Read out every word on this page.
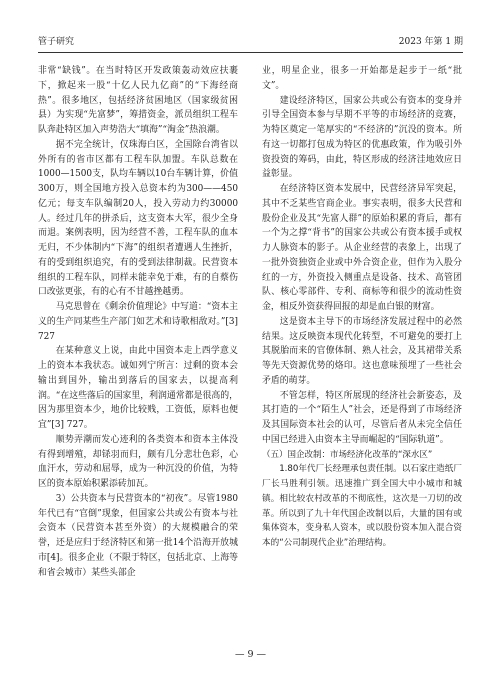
管子研究	2023 年第 1 期

非常“缺钱”。在当时特区开发政策轰动效应扶裹下，掀起来一股“十亿人民九亿商”的“下海经商热”。很多地区，包括经济贫困地区（国家级贫困县）为实现“先富梦”，筹措资金，派员组织工程车队奔赴特区加入声势浩大“填海”“淘金”热浪潮。

据不完全统计，仅珠海白区，全国除台湾省以外所有的省市区都有工程车队加盟。车队总数在1000—1500支，队均车辆以10台车辆计算，价值300万，则全国地方投入总资本约为300——450亿元；每支车队编制20人，投入劳动力约30000人。经过几年的拼杀后，这支资本大军，很少全身而退。案例表明，因为经营不善，工程车队的血本无归，不少体制内“下海”的组织者遭遇人生挫折，有的受到组织追究，有的受到法律制裁。民营资本组织的工程车队，同样未能幸免于难，有的自蔡伤口改弦更张，有的心有不甘越挫越勇。

马克思曾在《剩余价值理论》中写道：“资本主义的生产同某些生产部门如艺术和诗歌相敌对。”[3] 727

在某种意义上说，由此中国资本走上西学意义上的资本本我状态。诚如列宁所言：过剩的资本会输出到国外，输出到落后的国家去，以提高利润。“在这些落后的国家里，利润通常都是很高的，因为那里资本少，地价比较贱，工资低，原料也便宜”[3] 727。

顺势弄潮而发心迹利的各类资本和资本主体没有得到增殖，却铩羽而归，颇有几分悲壮色彩，心血汗水，劳动和屈辱，成为一种沉没的价值，为特区的资本原始积累添砖加瓦。

3）公共资本与民营资本的“初夜”。尽管1980年代已有“官倒”现象，但国家公共或公有资本与社会资本（民营资本甚至外资）的大规模融合的荣誉，还是应归于经济特区和第一批14个沿海开放城市[4]。很多企业（不限于特区，包括北京、上海等和省会城市）某些头部企

业，明星企业，很多一开始都是起步于一纸“批文”。

建设经济特区，国家公共或公有资本的变身并引导全国资本参与早期不平等的市场经济的竞赛，为特区奠定一笔厚实的“不经济的”沉没的资本。所有这一切都打包成为特区的优惠政策，作为吸引外资投资的筹码，由此，特区形成的经济洼地效应日益彰显。

在经济特区资本发展中，民营经济异军突起，其中不乏某些官商企业。事实表明，很多大民营和股份企业及其“先富人群”的原始积累的背后，都有一个为之撑“背书”的国家公共或公有资本援手或权力人脉资本的影子。从企业经营的表象上，出现了一批外资独资企业或中外合资企业，但作为入股分红的一方，外资投入侧重点是设备、技术、高管团队、核心零部件、专利、商标等和很少的流动性资金，相反外资获得回报的却是血白银的财富。

这是资本主导下的市场经济发展过程中的必然结果。这反映资本现代化转型，不可避免的要打上其脱胎而来的官僚体制、熟人社会，及其裙带关系等先天资源优势的烙印。这也意味预埋了一些社会矛盾的萌芽。

不管怎样，特区所展现的经济社会新姿态，及其打造的一个“陌生人”社会，还是得到了市场经济及其国际资本社会的认可，尽管后者从未完全信任中国已经进入由资本主导而崛起的“国际轨道”。

（五）国企改制：市场经济化改革的“深水区”

1.80年代厂长经理承包责任制。以石家庄造纸厂厂长马胜利引领。迅速推广到全国大中小城市和城镇。相比较农村改革的不彻底性，这次是一刀切的改革。所以到了九十年代国企改制以后，大量的国有或集体资本，变身私人资本，或以股份资本加入混合资本的“公司制现代企业”治理结构。

— 9 —
